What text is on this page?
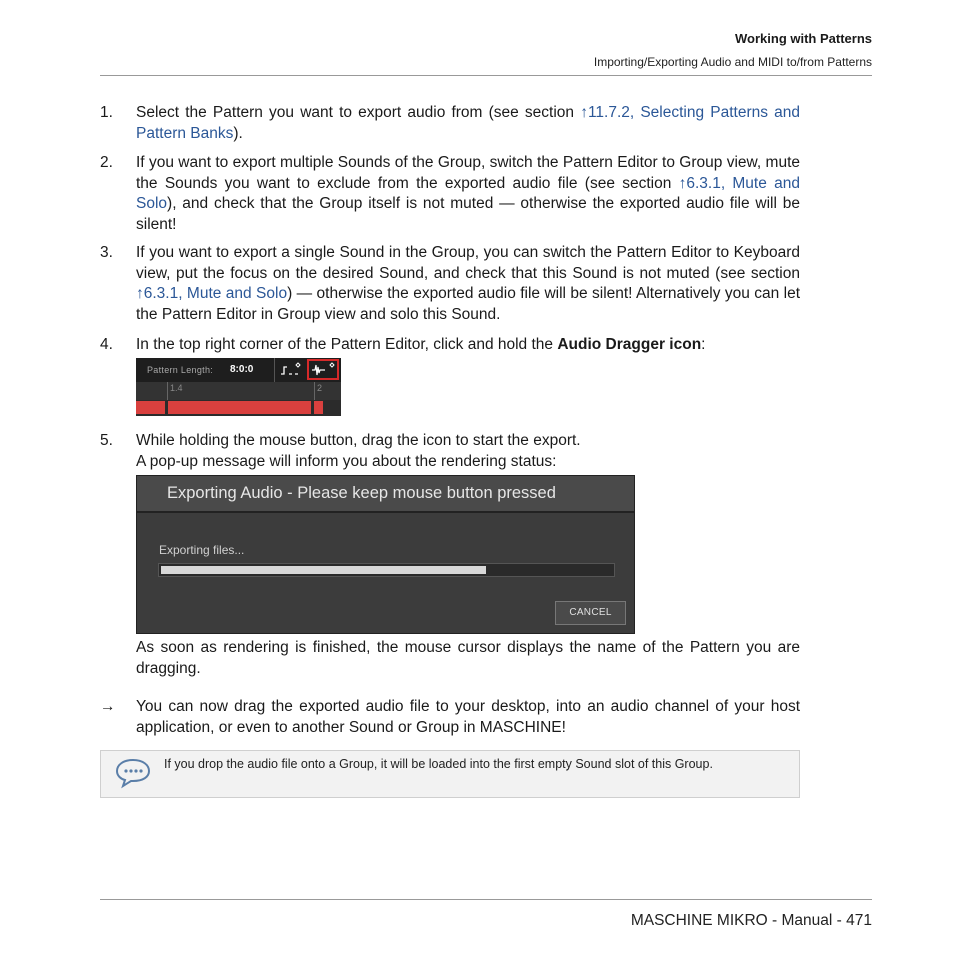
Working with Patterns
Importing/Exporting Audio and MIDI to/from Patterns
1. Select the Pattern you want to export audio from (see section ↑11.7.2, Selecting Patterns and Pattern Banks).
2. If you want to export multiple Sounds of the Group, switch the Pattern Editor to Group view, mute the Sounds you want to exclude from the exported audio file (see section ↑6.3.1, Mute and Solo), and check that the Group itself is not muted — otherwise the exported audio file will be silent!
3. If you want to export a single Sound in the Group, you can switch the Pattern Editor to Keyboard view, put the focus on the desired Sound, and check that this Sound is not muted (see section ↑6.3.1, Mute and Solo) — otherwise the exported audio file will be silent! Alternatively you can let the Pattern Editor in Group view and solo this Sound.
4. In the top right corner of the Pattern Editor, click and hold the Audio Dragger icon:
Pattern Length: 8:0:0
1.4	2
5. While holding the mouse button, drag the icon to start the export.
A pop-up message will inform you about the rendering status:
Exporting Audio - Please keep mouse button pressed
Exporting files...
CANCEL
As soon as rendering is finished, the mouse cursor displays the name of the Pattern you are dragging.
→ You can now drag the exported audio file to your desktop, into an audio channel of your host application, or even to another Sound or Group in MASCHINE!
If you drop the audio file onto a Group, it will be loaded into the first empty Sound slot of this Group.
MASCHINE MIKRO - Manual - 471
